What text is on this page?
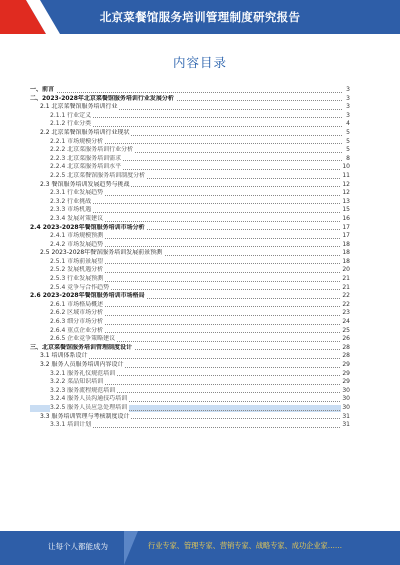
北京菜餐馆服务培训管理制度研究报告
内容目录
一、前言	3
二、2023-2028年北京菜餐馆服务培训行业发展分析	3
2.1 北京菜餐馆服务培训行业	3
2.1.1 行业定义	3
2.1.2 行业分类	4
2.2 北京菜餐馆服务培训行业现状	5
2.2.1 市场规模分析	5
2.2.2 北京菜服务培训行业分析	5
2.2.3 北京菜服务培训需求	8
2.2.4 北京菜服务培训水平	10
2.2.5 北京菜餐馆服务培训制度分析	11
2.3 餐馆服务培训发展趋势与挑战	12
2.3.1 行业发展趋势	12
2.3.2 行业挑战	13
2.3.3 市场机遇	15
2.3.4 发展对策建议	16
2.4 2023-2028年餐馆服务培训市场分析	17
2.4.1 市场规模预测	17
2.4.2 市场发展趋势	18
2.5 2023-2028年餐馆服务培训发展前景预测	18
2.5.1 市场前景展望	18
2.5.2 发展机遇分析	20
2.5.3 行业发展预测	21
2.5.4 竞争与合作趋势	21
2.6 2023-2028年餐馆服务培训市场格局	22
2.6.1 市场格局概述	22
2.6.2 区域市场分析	23
2.6.3 细分市场分析	24
2.6.4 重点企业分析	25
2.6.5 企业竞争策略建议	26
三、北京菜餐馆服务培训管理制度设计	28
3.1 培训体系设计	28
3.2 服务人员服务培训内容设计	29
3.2.1 服务礼仪规范培训	29
3.2.2 菜品知识培训	29
3.2.3 服务流程规范培训	30
3.2.4 服务人员沟通技巧培训	30
3.2.5 服务人员应急处理培训	30
3.3 服务培训管理与考核制度设计	31
3.3.1 培训计划	31
让每个人都能成为	行业专家、管理专家、营销专家、战略专家、成功企业家……
